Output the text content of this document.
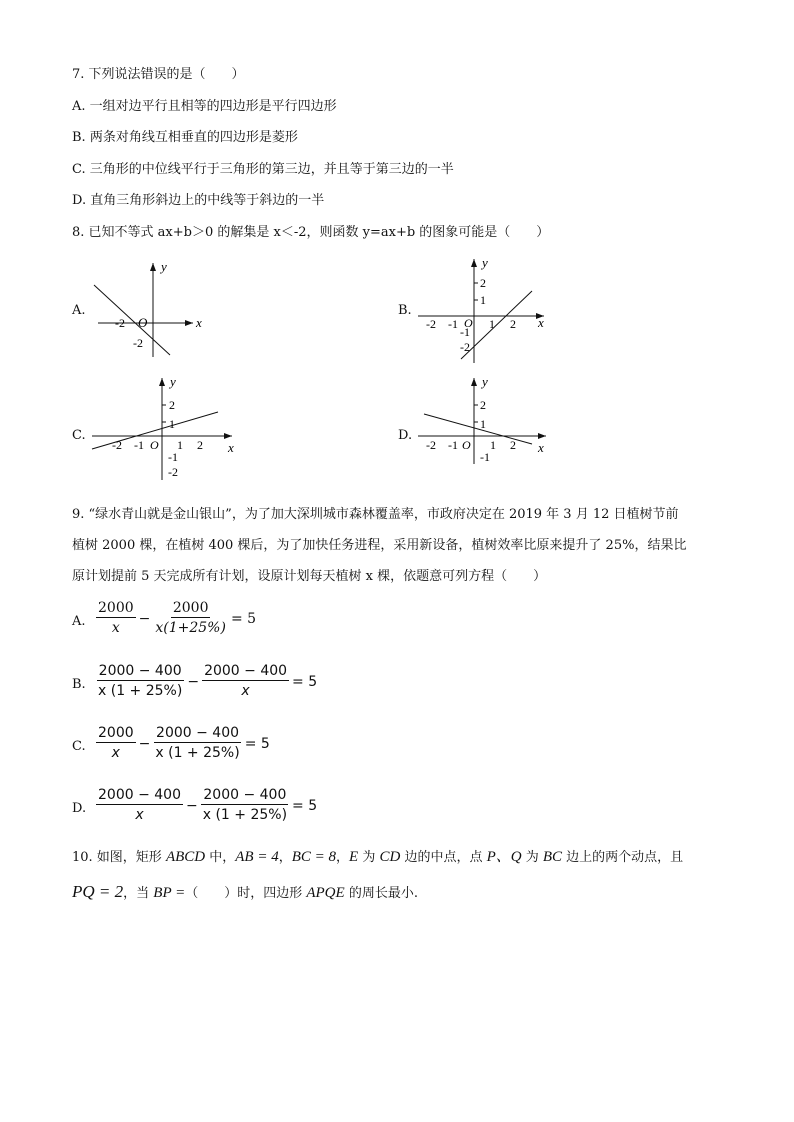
7. 下列说法错误的是（　　）
A. 一组对边平行且相等的四边形是平行四边形
B. 两条对角线互相垂直的四边形是菱形
C. 三角形的中位线平行于三角形的第三边，并且等于第三边的一半
D. 直角三角形斜边上的中线等于斜边的一半
8. 已知不等式 ax+b＞0 的解集是 x＜-2，则函数 y=ax+b 的图象可能是（　　）
A.
y
x
O
-2
-2
B.
y
x
O
-2 -1	1 2
2
1
-1
-2
C.
y
x
O
-2 -1	1 2
2
1
-1
-2
D.
y
x
O
-2 -1	1 2
2
1
-1
9. “绿水青山就是金山银山”，为了加大深圳城市森林覆盖率，市政府决定在 2019 年 3 月 12 日植树节前
植树 2000 棵，在植树 400 棵后，为了加快任务进程，采用新设备，植树效率比原来提升了 25%，结果比
原计划提前 5 天完成所有计划，设原计划每天植树 x 棵，依题意可列方程（　　）
A. $\frac{2000}{x} - \frac{2000}{x(1+25\%)} = 5$
B. $\frac{2000 - 400}{x (1 + 25\%)} - \frac{2000 - 400}{x} = 5$
C. $\frac{2000}{x} - \frac{2000 - 400}{x (1 + 25\%)} = 5$
D. $\frac{2000 - 400}{x} - \frac{2000 - 400}{x (1 + 25\%)} = 5$
10. 如图，矩形 ABCD 中，AB = 4，BC = 8，E 为 CD 边的中点，点 P、Q 为 BC 边上的两个动点，且
PQ = 2，当 BP =（　　）时，四边形 APQE 的周长最小.
